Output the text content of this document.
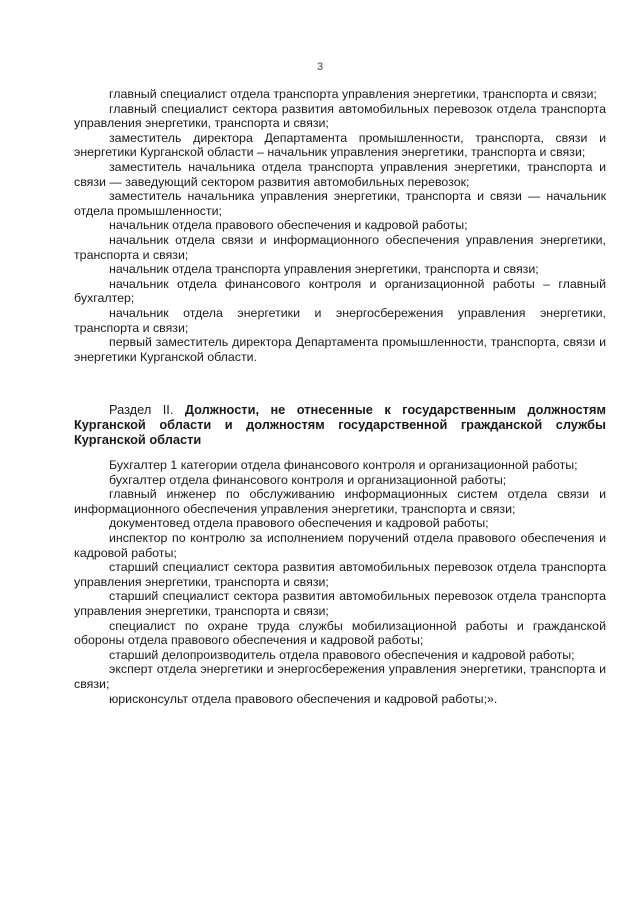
3

главный специалист отдела транспорта управления энергетики, транспорта и связи;

главный специалист сектора развития автомобильных перевозок отдела транспорта управления энергетики, транспорта и связи;

заместитель директора Департамента промышленности, транспорта, связи и энергетики Курганской области – начальник управления энергетики, транспорта и связи;

заместитель начальника отдела транспорта управления энергетики, транспорта и связи — заведующий сектором развития автомобильных перевозок;

заместитель начальника управления энергетики, транспорта и связи — начальник отдела промышленности;

начальник отдела правового обеспечения и кадровой работы;

начальник отдела связи и информационного обеспечения управления энергетики, транспорта и связи;

начальник отдела транспорта управления энергетики, транспорта и связи;

начальник отдела финансового контроля и организационной работы – главный бухгалтер;

начальник отдела энергетики и энергосбережения управления энергетики, транспорта и связи;

первый заместитель директора Департамента промышленности, транспорта, связи и энергетики Курганской области.

Раздел II. Должности, не отнесенные к государственным должностям Курганской области и должностям государственной гражданской службы Курганской области

Бухгалтер 1 категории отдела финансового контроля и организационной работы;

бухгалтер отдела финансового контроля и организационной работы;

главный инженер по обслуживанию информационных систем отдела связи и информационного обеспечения управления энергетики, транспорта и связи;

документовед отдела правового обеспечения и кадровой работы;

инспектор по контролю за исполнением поручений отдела правового обеспечения и кадровой работы;

старший специалист сектора развития автомобильных перевозок отдела транспорта управления энергетики, транспорта и связи;

старший специалист сектора развития автомобильных перевозок отдела транспорта управления энергетики, транспорта и связи;

специалист по охране труда службы мобилизационной работы и гражданской обороны отдела правового обеспечения и кадровой работы;

старший делопроизводитель отдела правового обеспечения и кадровой работы;

эксперт отдела энергетики и энергосбережения управления энергетики, транспорта и связи;

юрисконсульт отдела правового обеспечения и кадровой работы;».
